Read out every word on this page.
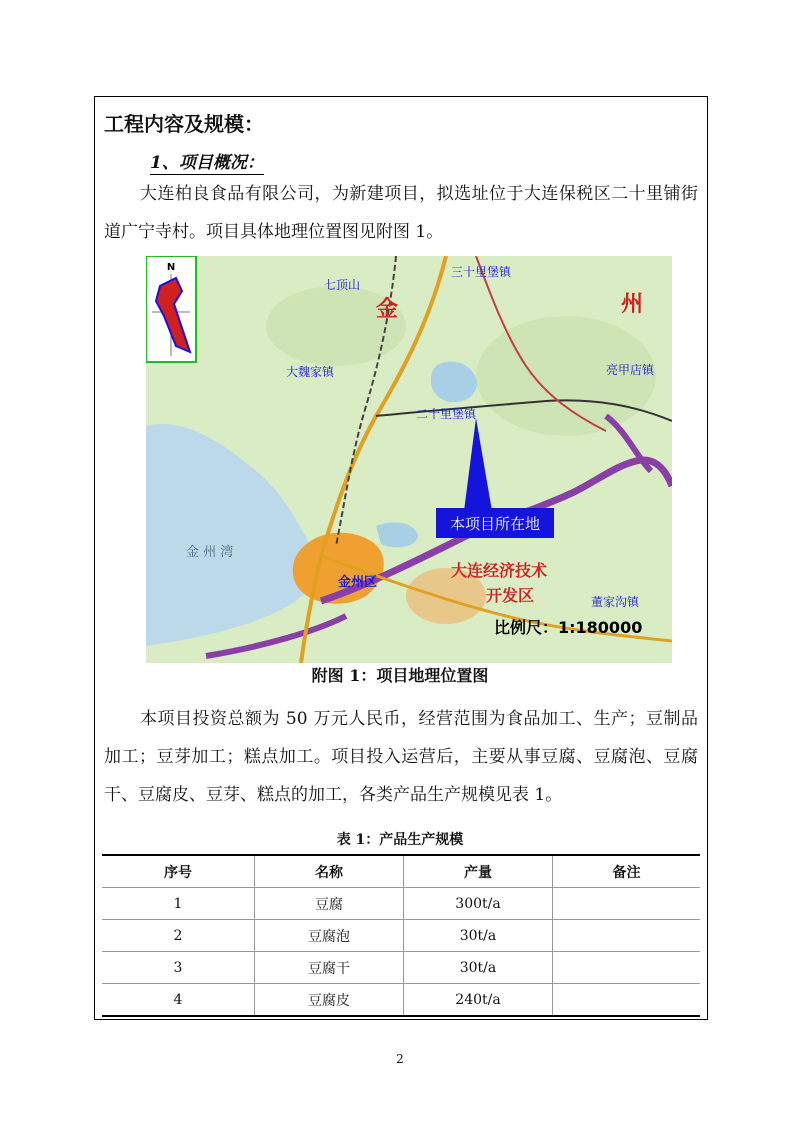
工程内容及规模：
1、项目概况：
大连柏良食品有限公司，为新建项目，拟选址位于大连保税区二十里铺街道广宁寺村。项目具体地理位置图见附图 1。
本项目所在地
七顶山
三十里堡镇
金	州
亮甲店镇
大魏家镇
二十里堡镇
金 州 湾
金州区
大连经济技术
开发区	董家沟镇
比例尺：1:180000
N
附图 1：项目地理位置图
本项目投资总额为 50 万元人民币，经营范围为食品加工、生产；豆制品加工；豆芽加工；糕点加工。项目投入运营后，主要从事豆腐、豆腐泡、豆腐干、豆腐皮、豆芽、糕点的加工，各类产品生产规模见表 1。
表 1：产品生产规模
序号	名称	产量	备注
1	豆腐	300t/a	
2	豆腐泡	30t/a	
3	豆腐干	30t/a	
4	豆腐皮	240t/a	
2
